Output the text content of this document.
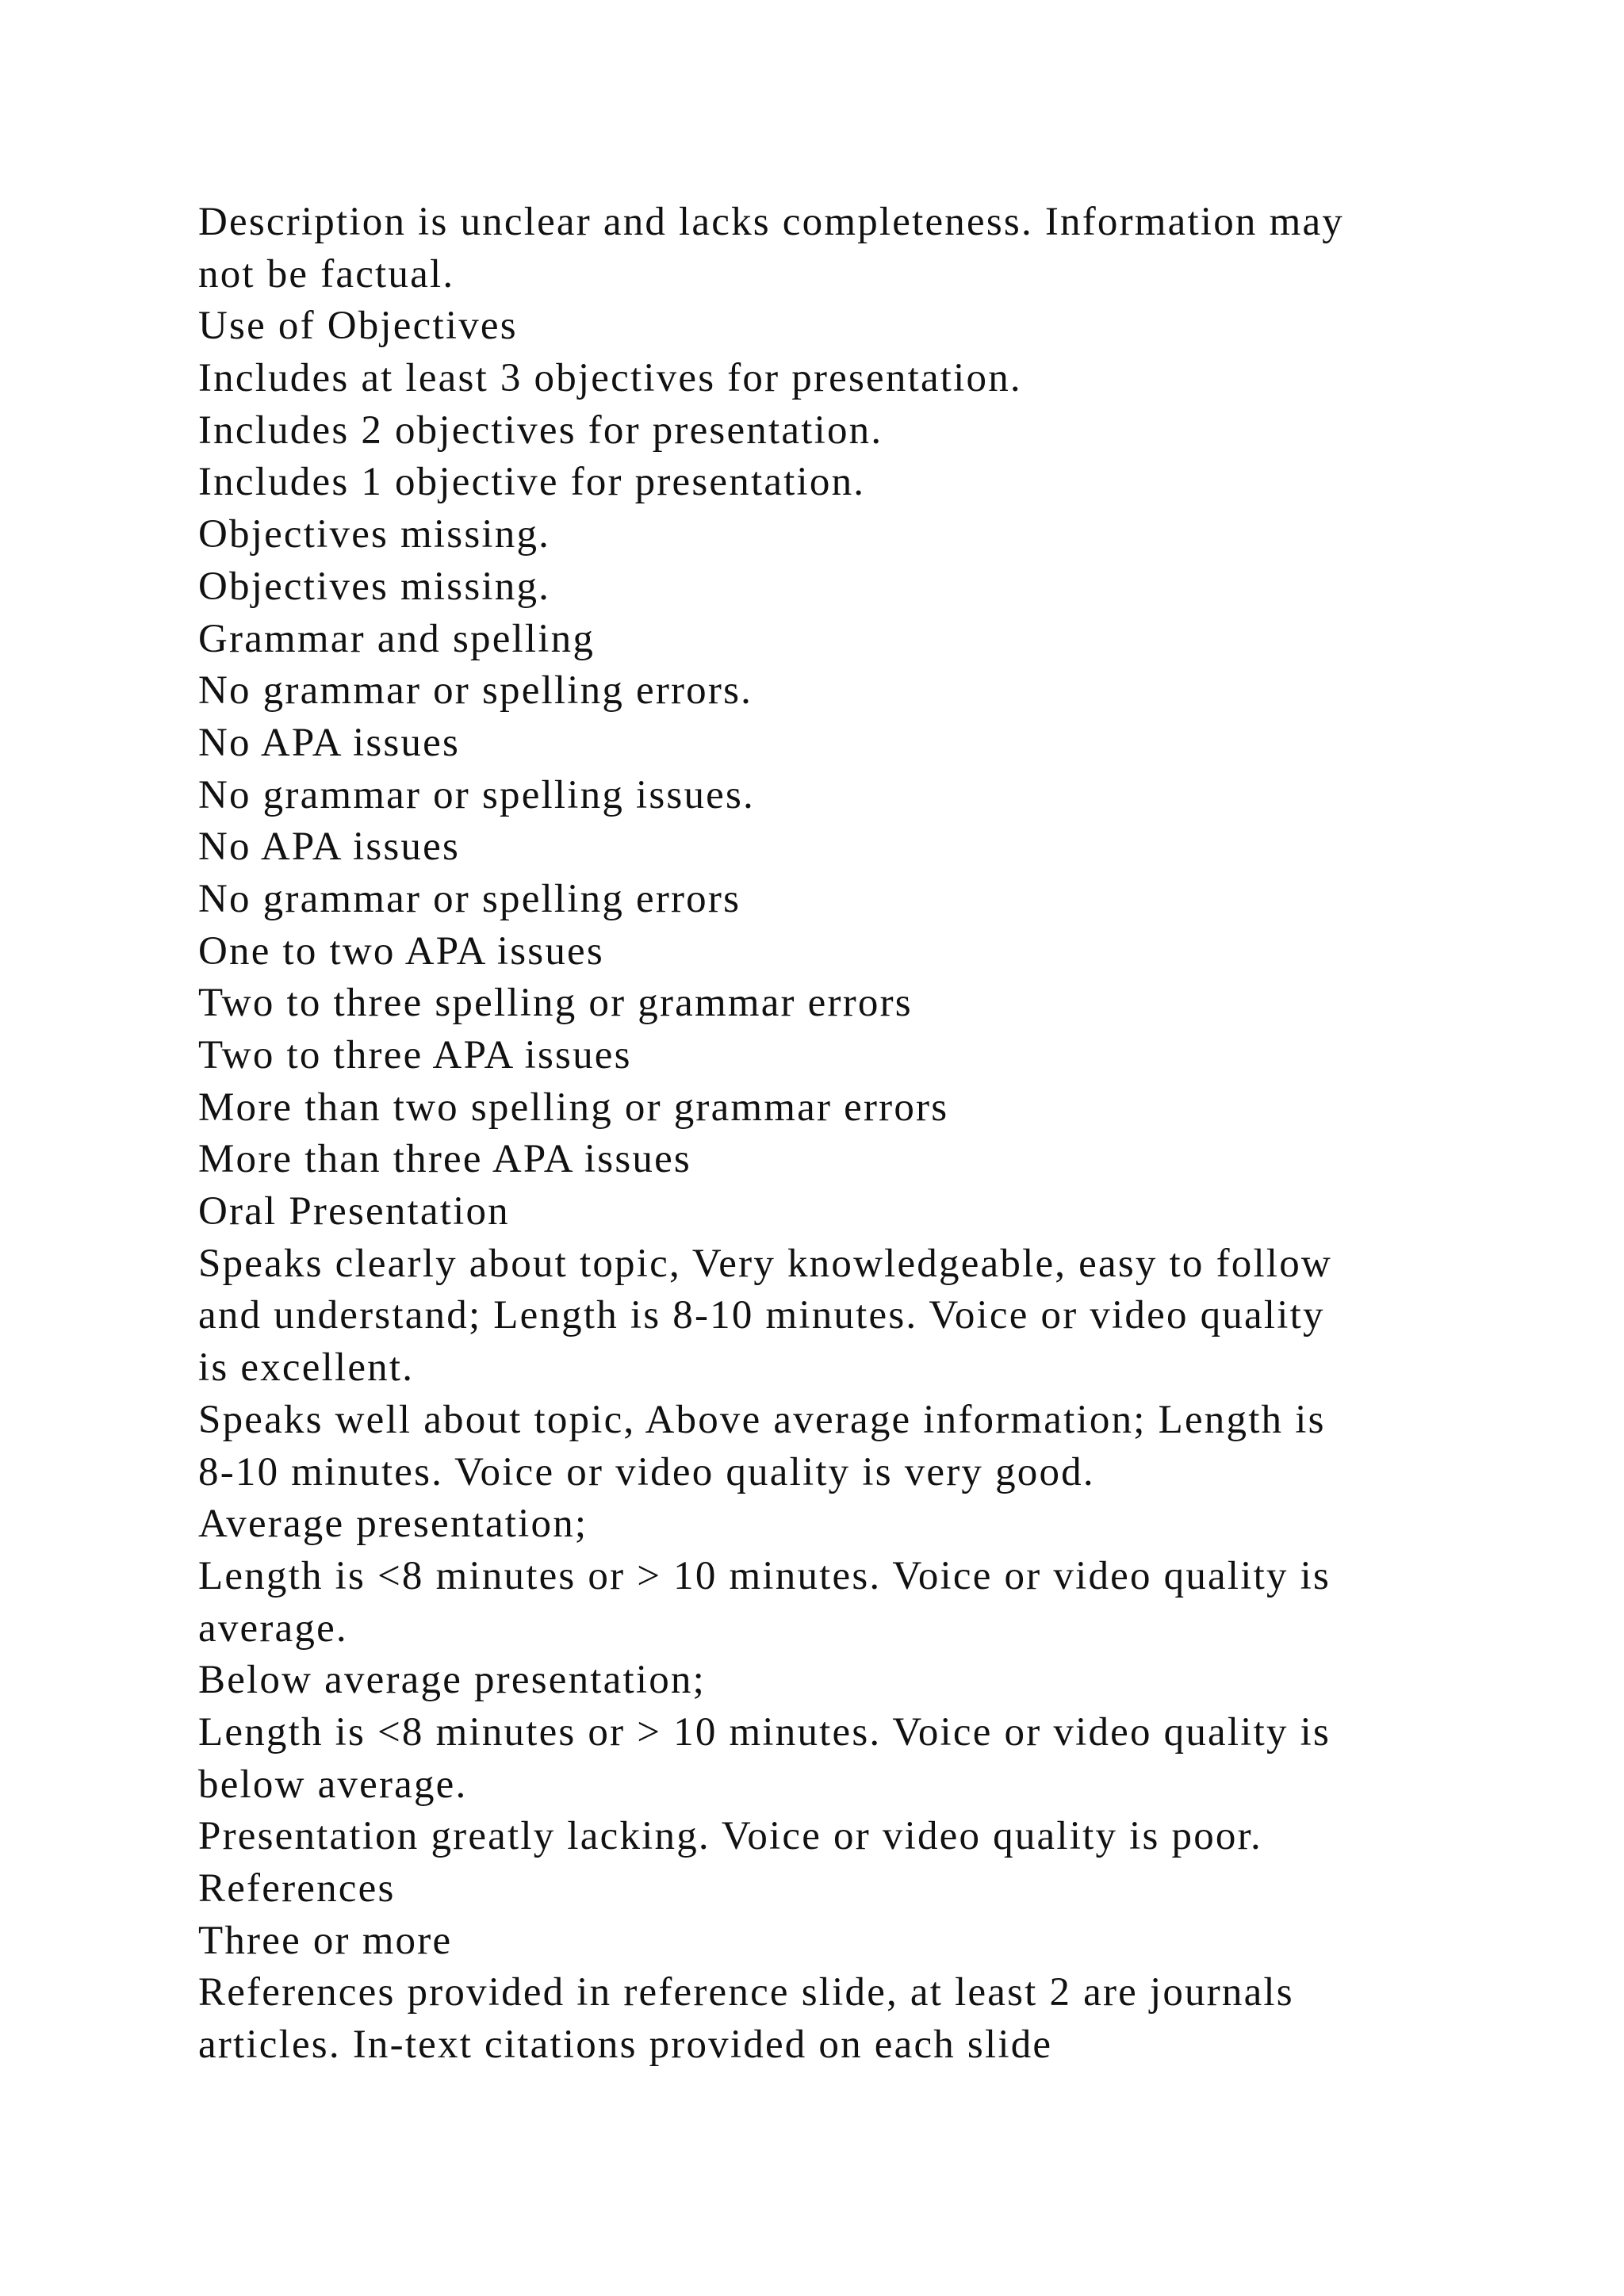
Description is unclear and lacks completeness. Information may
not be factual.
Use of Objectives
Includes at least 3 objectives for presentation.
Includes 2 objectives for presentation.
Includes 1 objective for presentation.
Objectives missing.
Objectives missing.
Grammar and spelling
No grammar or spelling errors.
No APA issues
No grammar or spelling issues.
No APA issues
No grammar or spelling errors
One to two APA issues
Two to three spelling or grammar errors
Two to three APA issues
More than two spelling or grammar errors
More than three APA issues
Oral Presentation
Speaks clearly about topic, Very knowledgeable, easy to follow
and understand; Length is 8-10 minutes. Voice or video quality
is excellent.
Speaks well about topic, Above average information; Length is
8-10 minutes. Voice or video quality is very good.
Average presentation;
Length is <8 minutes or > 10 minutes. Voice or video quality is
average.
Below average presentation;
Length is <8 minutes or > 10 minutes. Voice or video quality is
below average.
Presentation greatly lacking. Voice or video quality is poor.
References
Three or more
References provided in reference slide, at least 2 are journals
articles. In-text citations provided on each slide
